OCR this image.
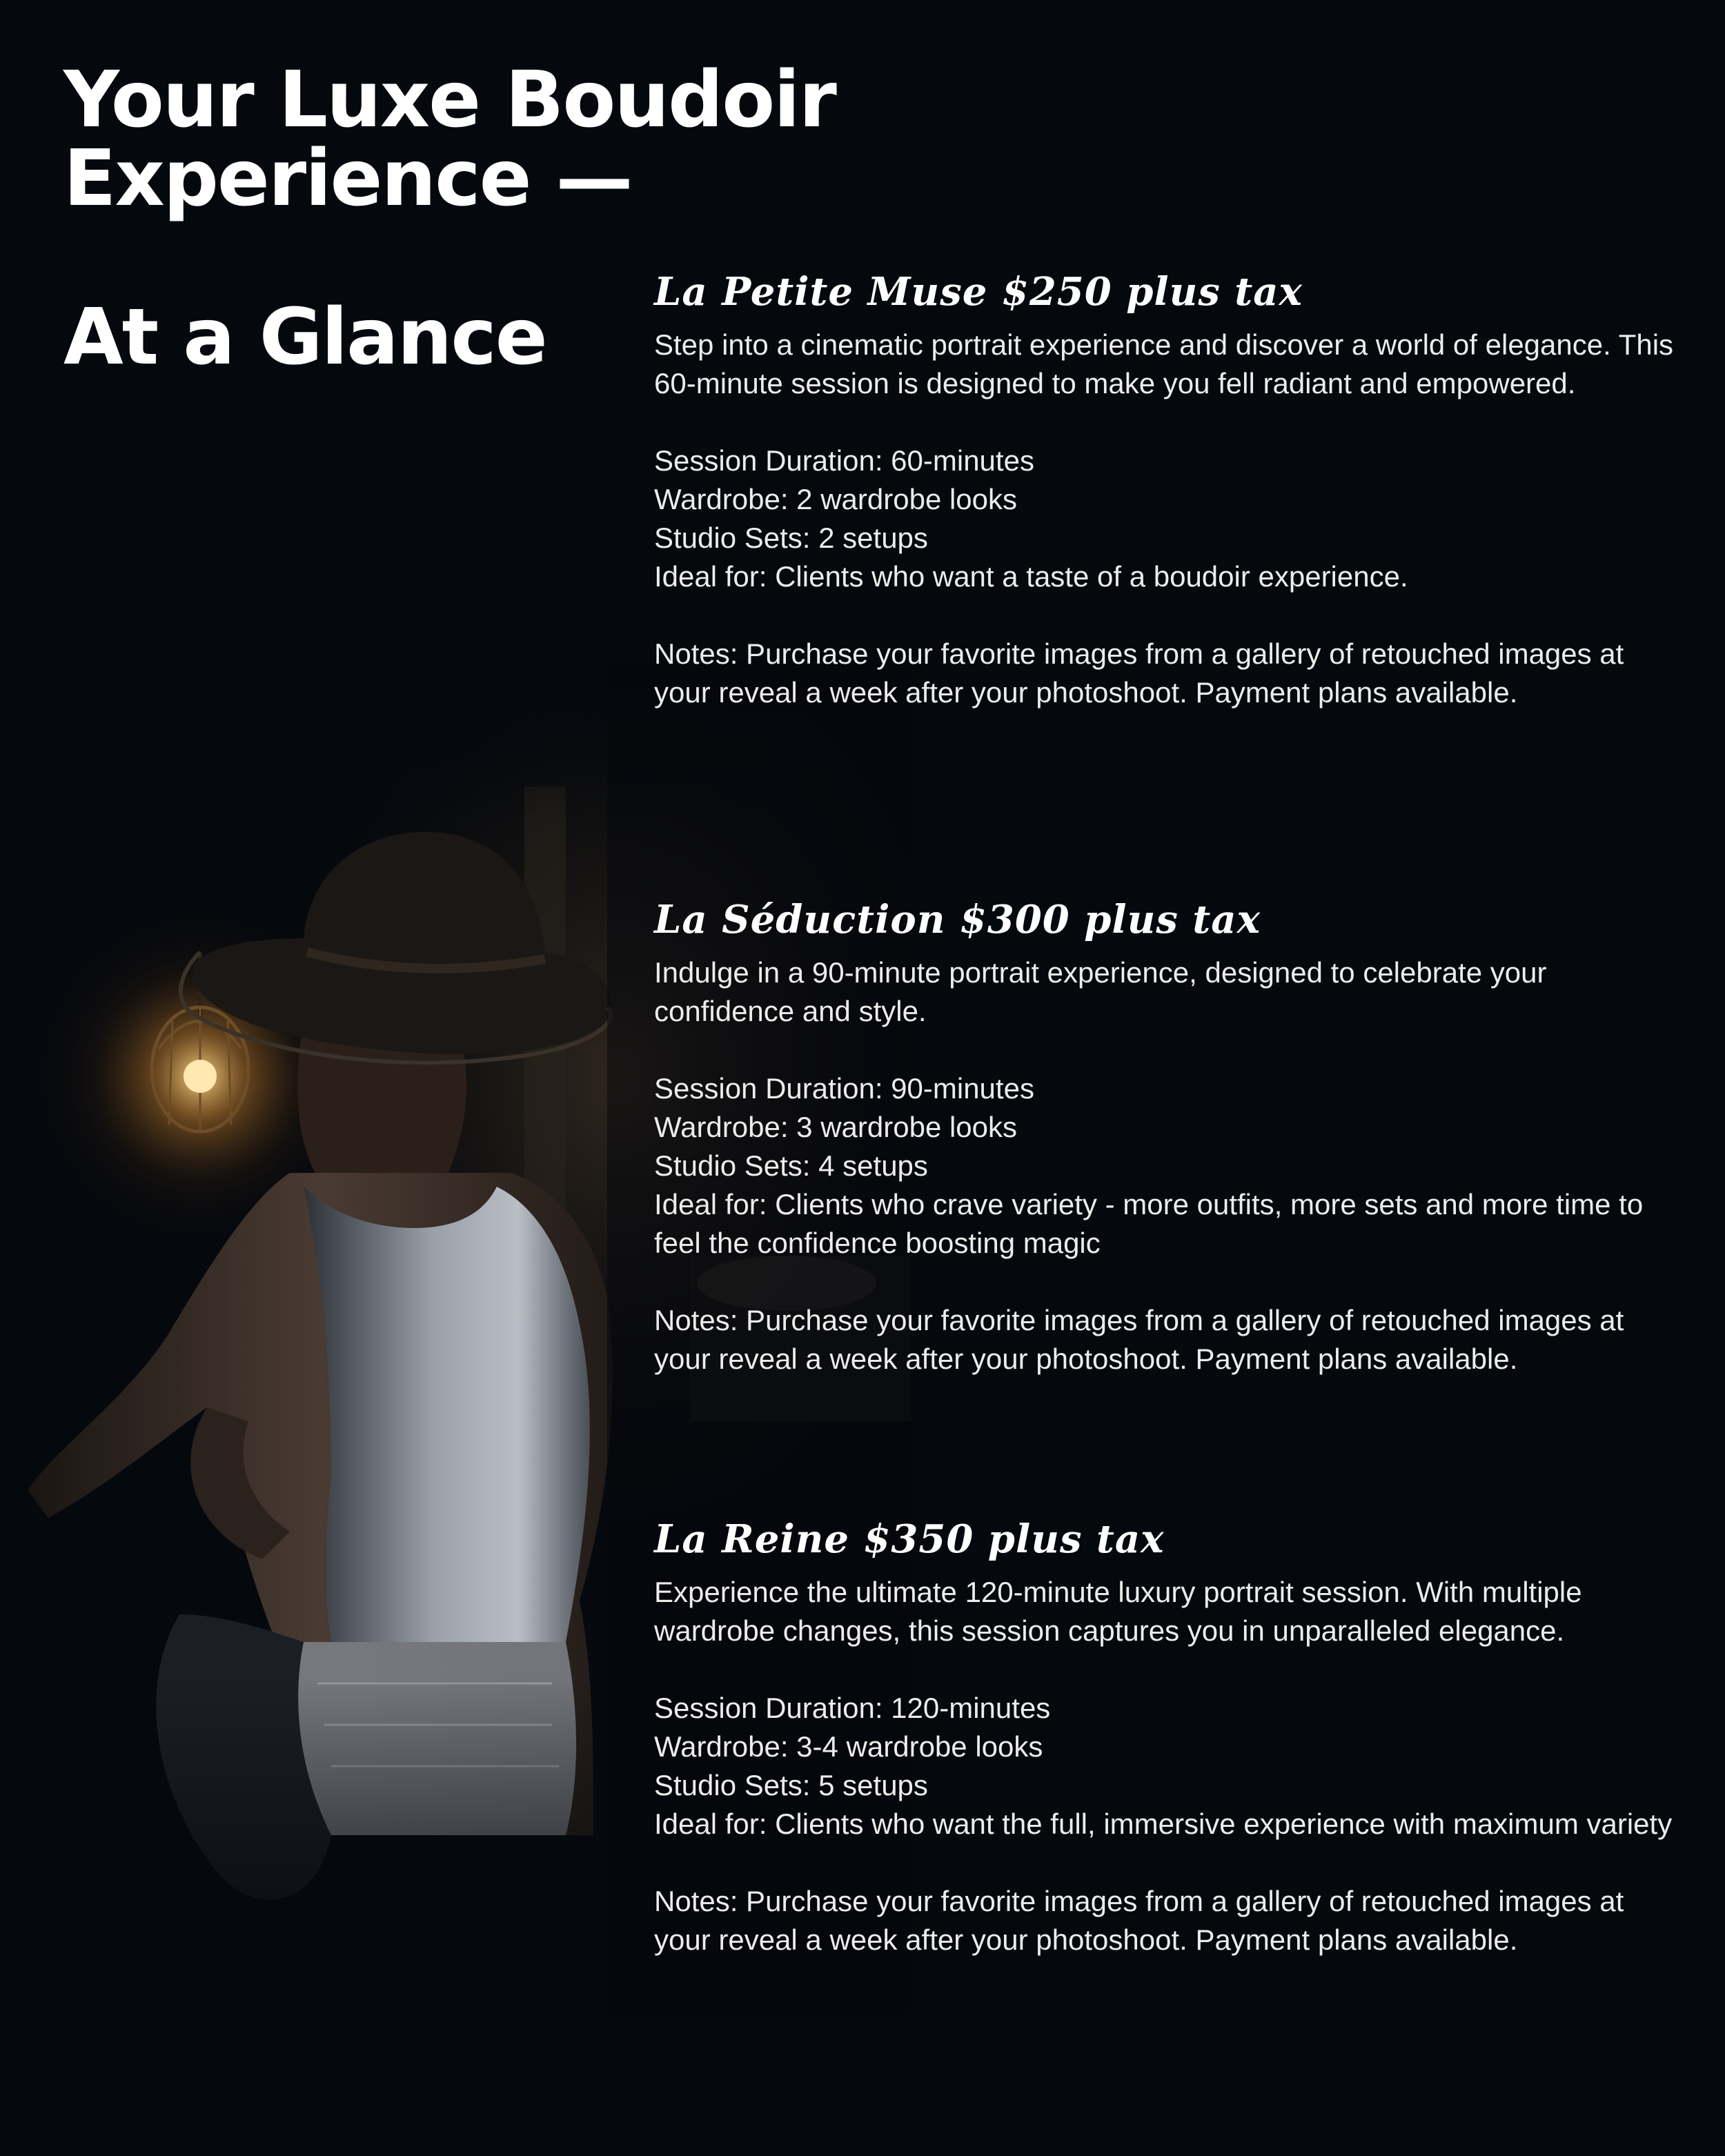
Your Luxe Boudoir
Experience —
At a Glance
La Petite Muse $250 plus tax
Step into a cinematic portrait experience and discover a world of elegance. This 60-minute session is designed to make you fell radiant and empowered.
Session Duration: 60-minutes
Wardrobe: 2 wardrobe looks
Studio Sets: 2 setups
Ideal for: Clients who want a taste of a boudoir experience.
Notes: Purchase your favorite images from a gallery of retouched images at your reveal a week after your photoshoot. Payment plans available.
La Séduction $300 plus tax
Indulge in a 90-minute portrait experience, designed to celebrate your confidence and style.
Session Duration: 90-minutes
Wardrobe: 3 wardrobe looks
Studio Sets: 4 setups
Ideal for: Clients who crave variety - more outfits, more sets and more time to feel the confidence boosting magic
Notes: Purchase your favorite images from a gallery of retouched images at your reveal a week after your photoshoot. Payment plans available.
La Reine $350 plus tax
Experience the ultimate 120-minute luxury portrait session. With multiple wardrobe changes, this session captures you in unparalleled elegance.
Session Duration: 120-minutes
Wardrobe: 3-4 wardrobe looks
Studio Sets: 5 setups
Ideal for: Clients who want the full, immersive experience with maximum variety
Notes: Purchase your favorite images from a gallery of retouched images at your reveal a week after your photoshoot. Payment plans available.
